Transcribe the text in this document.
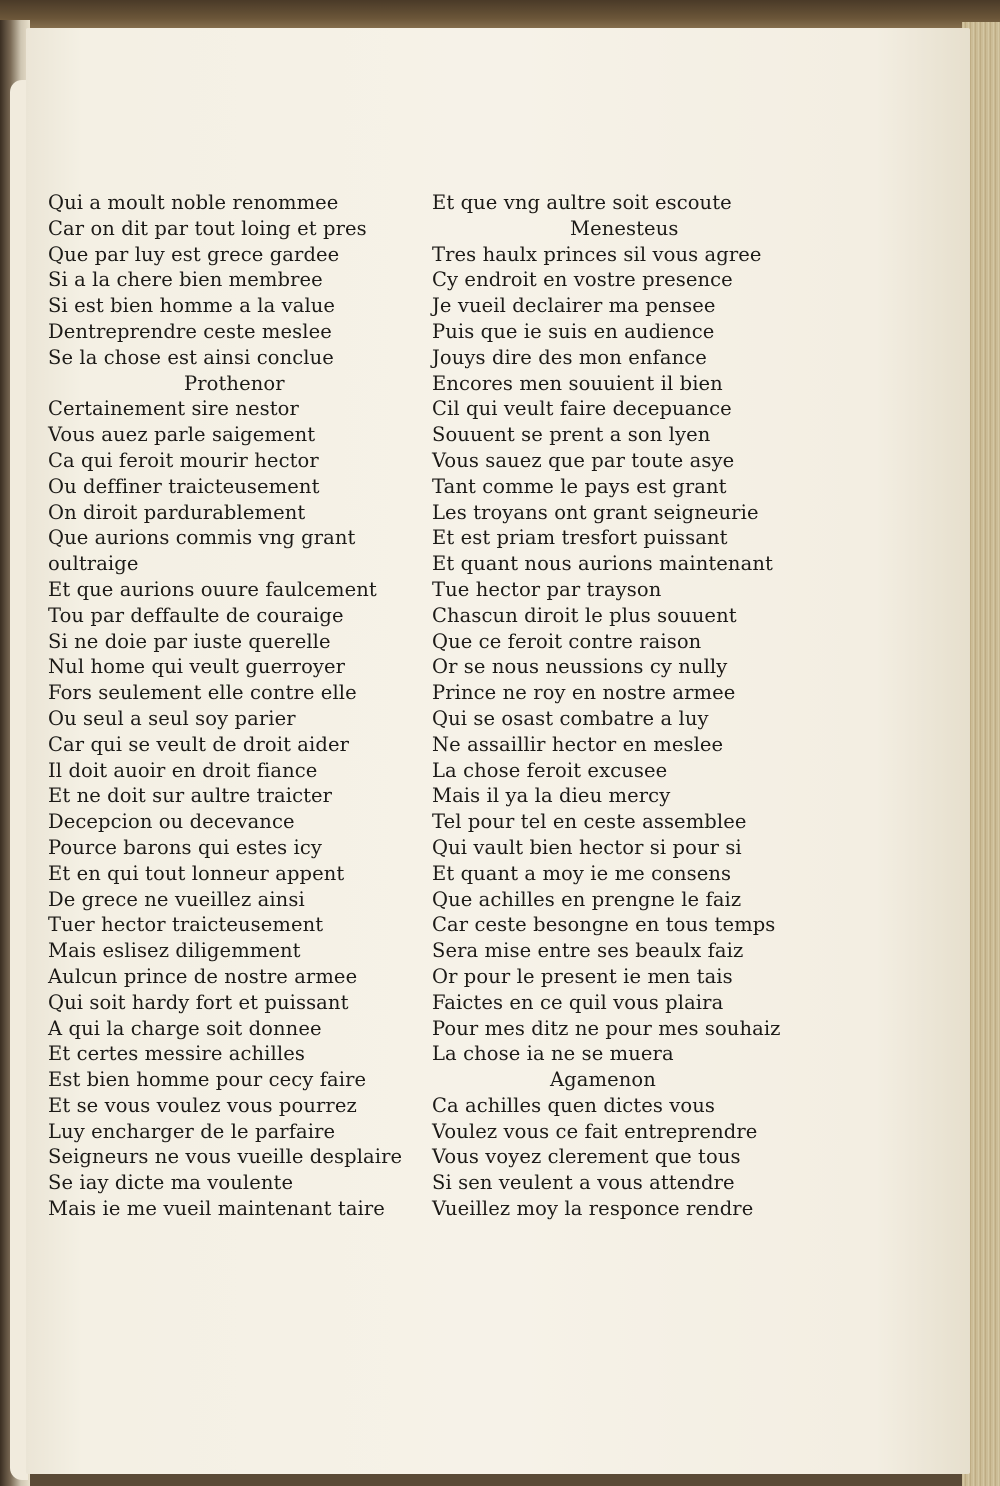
Qui a moult noble renommee
Car on dit par tout loing et pres
Que par luy est grece gardee
Si a la chere bien membree
Si est bien homme a la value
Dentreprendre ceste meslee
Se la chose est ainsi conclue
Prothenor
Certainement sire nestor
Vous auez parle saigement
Ca qui feroit mourir hector
Ou deffiner traicteusement
On diroit pardurablement
Que aurions commis vng grant
oultraige
Et que aurions ouure faulcement
Tou par deffaulte de couraige
Si ne doie par iuste querelle
Nul home qui veult guerroyer
Fors seulement elle contre elle
Ou seul a seul soy parier
Car qui se veult de droit aider
Il doit auoir en droit fiance
Et ne doit sur aultre traicter
Decepcion ou decevance
Pource barons qui estes icy
Et en qui tout lonneur appent
De grece ne vueillez ainsi
Tuer hector traicteusement
Mais eslisez diligemment
Aulcun prince de nostre armee
Qui soit hardy fort et puissant
A qui la charge soit donnee
Et certes messire achilles
Est bien homme pour cecy faire
Et se vous voulez vous pourrez
Luy encharger de le parfaire
Seigneurs ne vous vueille desplaire
Se iay dicte ma voulente
Mais ie me vueil maintenant taire
Et que vng aultre soit escoute
Menesteus
Tres haulx princes sil vous agree
Cy endroit en vostre presence
Je vueil declairer ma pensee
Puis que ie suis en audience
Jouys dire des mon enfance
Encores men souuient il bien
Cil qui veult faire decepuance
Souuent se prent a son lyen
Vous sauez que par toute asye
Tant comme le pays est grant
Les troyans ont grant seigneurie
Et est priam tresfort puissant
Et quant nous aurions maintenant
Tue hector par trayson
Chascun diroit le plus souuent
Que ce feroit contre raison
Or se nous neussions cy nully
Prince ne roy en nostre armee
Qui se osast combatre a luy
Ne assaillir hector en meslee
La chose feroit excusee
Mais il ya la dieu mercy
Tel pour tel en ceste assemblee
Qui vault bien hector si pour si
Et quant a moy ie me consens
Que achilles en prengne le faiz
Car ceste besongne en tous temps
Sera mise entre ses beaulx faiz
Or pour le present ie men tais
Faictes en ce quil vous plaira
Pour mes ditz ne pour mes souhaiz
La chose ia ne se muera
Agamenon
Ca achilles quen dictes vous
Voulez vous ce fait entreprendre
Vous voyez clerement que tous
Si sen veulent a vous attendre
Vueillez moy la responce rendre
